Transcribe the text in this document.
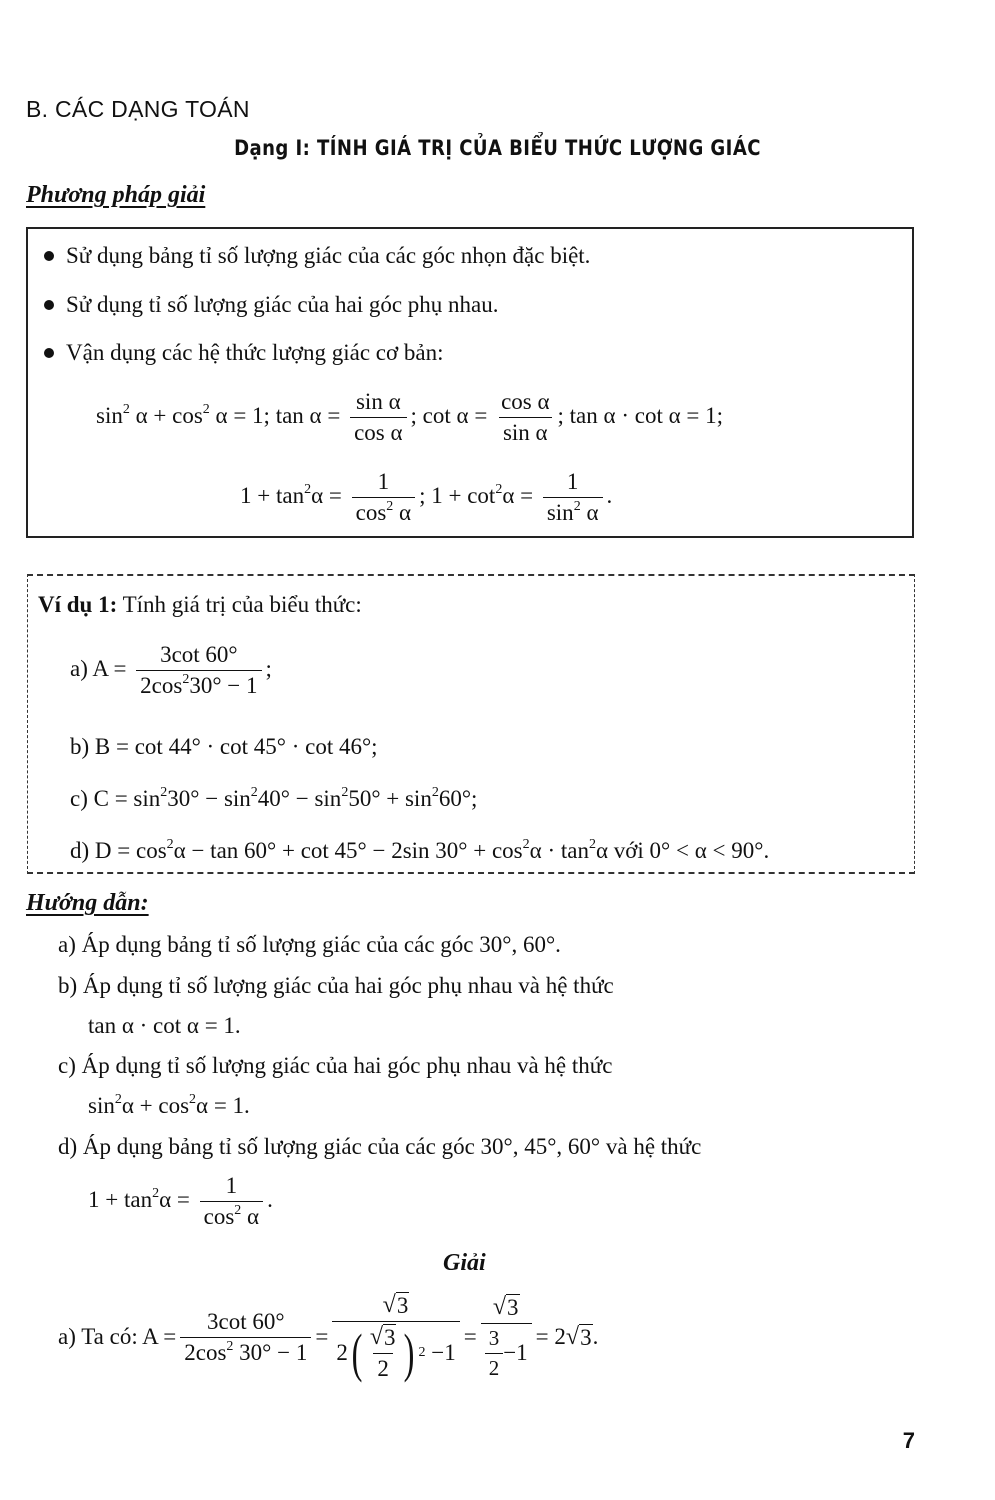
B. CÁC DẠNG TOÁN
Dạng I: TÍNH GIÁ TRỊ CỦA BIỂU THỨC LƯỢNG GIÁC
Phương pháp giải
Sử dụng bảng tỉ số lượng giác của các góc nhọn đặc biệt.
Sử dụng tỉ số lượng giác của hai góc phụ nhau.
Vận dụng các hệ thức lượng giác cơ bản:
$\sin^2 \alpha + \cos^2 \alpha = 1$; $\tan \alpha = \frac{\text{sin α}}{\text{cos α}}$ ; $\cot \alpha = \frac{\text{cos α}}{\text{sin α}}$ ; tan α · cot α = 1;
$1 + \tan^2\alpha = \frac{1}{\cos^2 \alpha}$ ; $1 + \cot^2\alpha = \frac{1}{\sin^2 \alpha}$ .
Ví dụ 1: Tính giá trị của biểu thức:
a) $A = \frac{3\cot 60^\circ}{2\cos^230^\circ - 1}$ ;
b) B = cot 44° · cot 45° · cot 46°;
c) $C = \sin^230^\circ - \sin^240^\circ - \sin^250^\circ + \sin^260^\circ$;
d) $D = \cos^2\alpha - \tan 60^\circ + \cot 45^\circ - 2\sin$ $30^\circ + \cos^2\alpha \cdot \tan^2\alpha$ với 0° < α < 90°.
Hướng dẫn:
a) Áp dụng bảng tỉ số lượng giác của các góc 30°, 60°.
b) Áp dụng tỉ số lượng giác của hai góc phụ nhau và hệ thức
tan α · cot α = 1.
c) Áp dụng tỉ số lượng giác của hai góc phụ nhau và hệ thức
$\sin^2\alpha + \cos^2\alpha = 1$.
d) Áp dụng bảng tỉ số lượng giác của các góc 30°, 45°, 60° và hệ thức
$1 + \tan^2\alpha = \frac{1}{\cos^2 \alpha}$ .
Giải
a) Ta có: $A = \frac{3\cot 60^\circ}{2\cos^2 30^\circ - 1}$ = √ 3
2 ( $\frac{√ 3}{2}$ ) 2
$-1 = \frac{√ 3}{\frac{3}{2} -1} = 2$ √ 3 .
7
